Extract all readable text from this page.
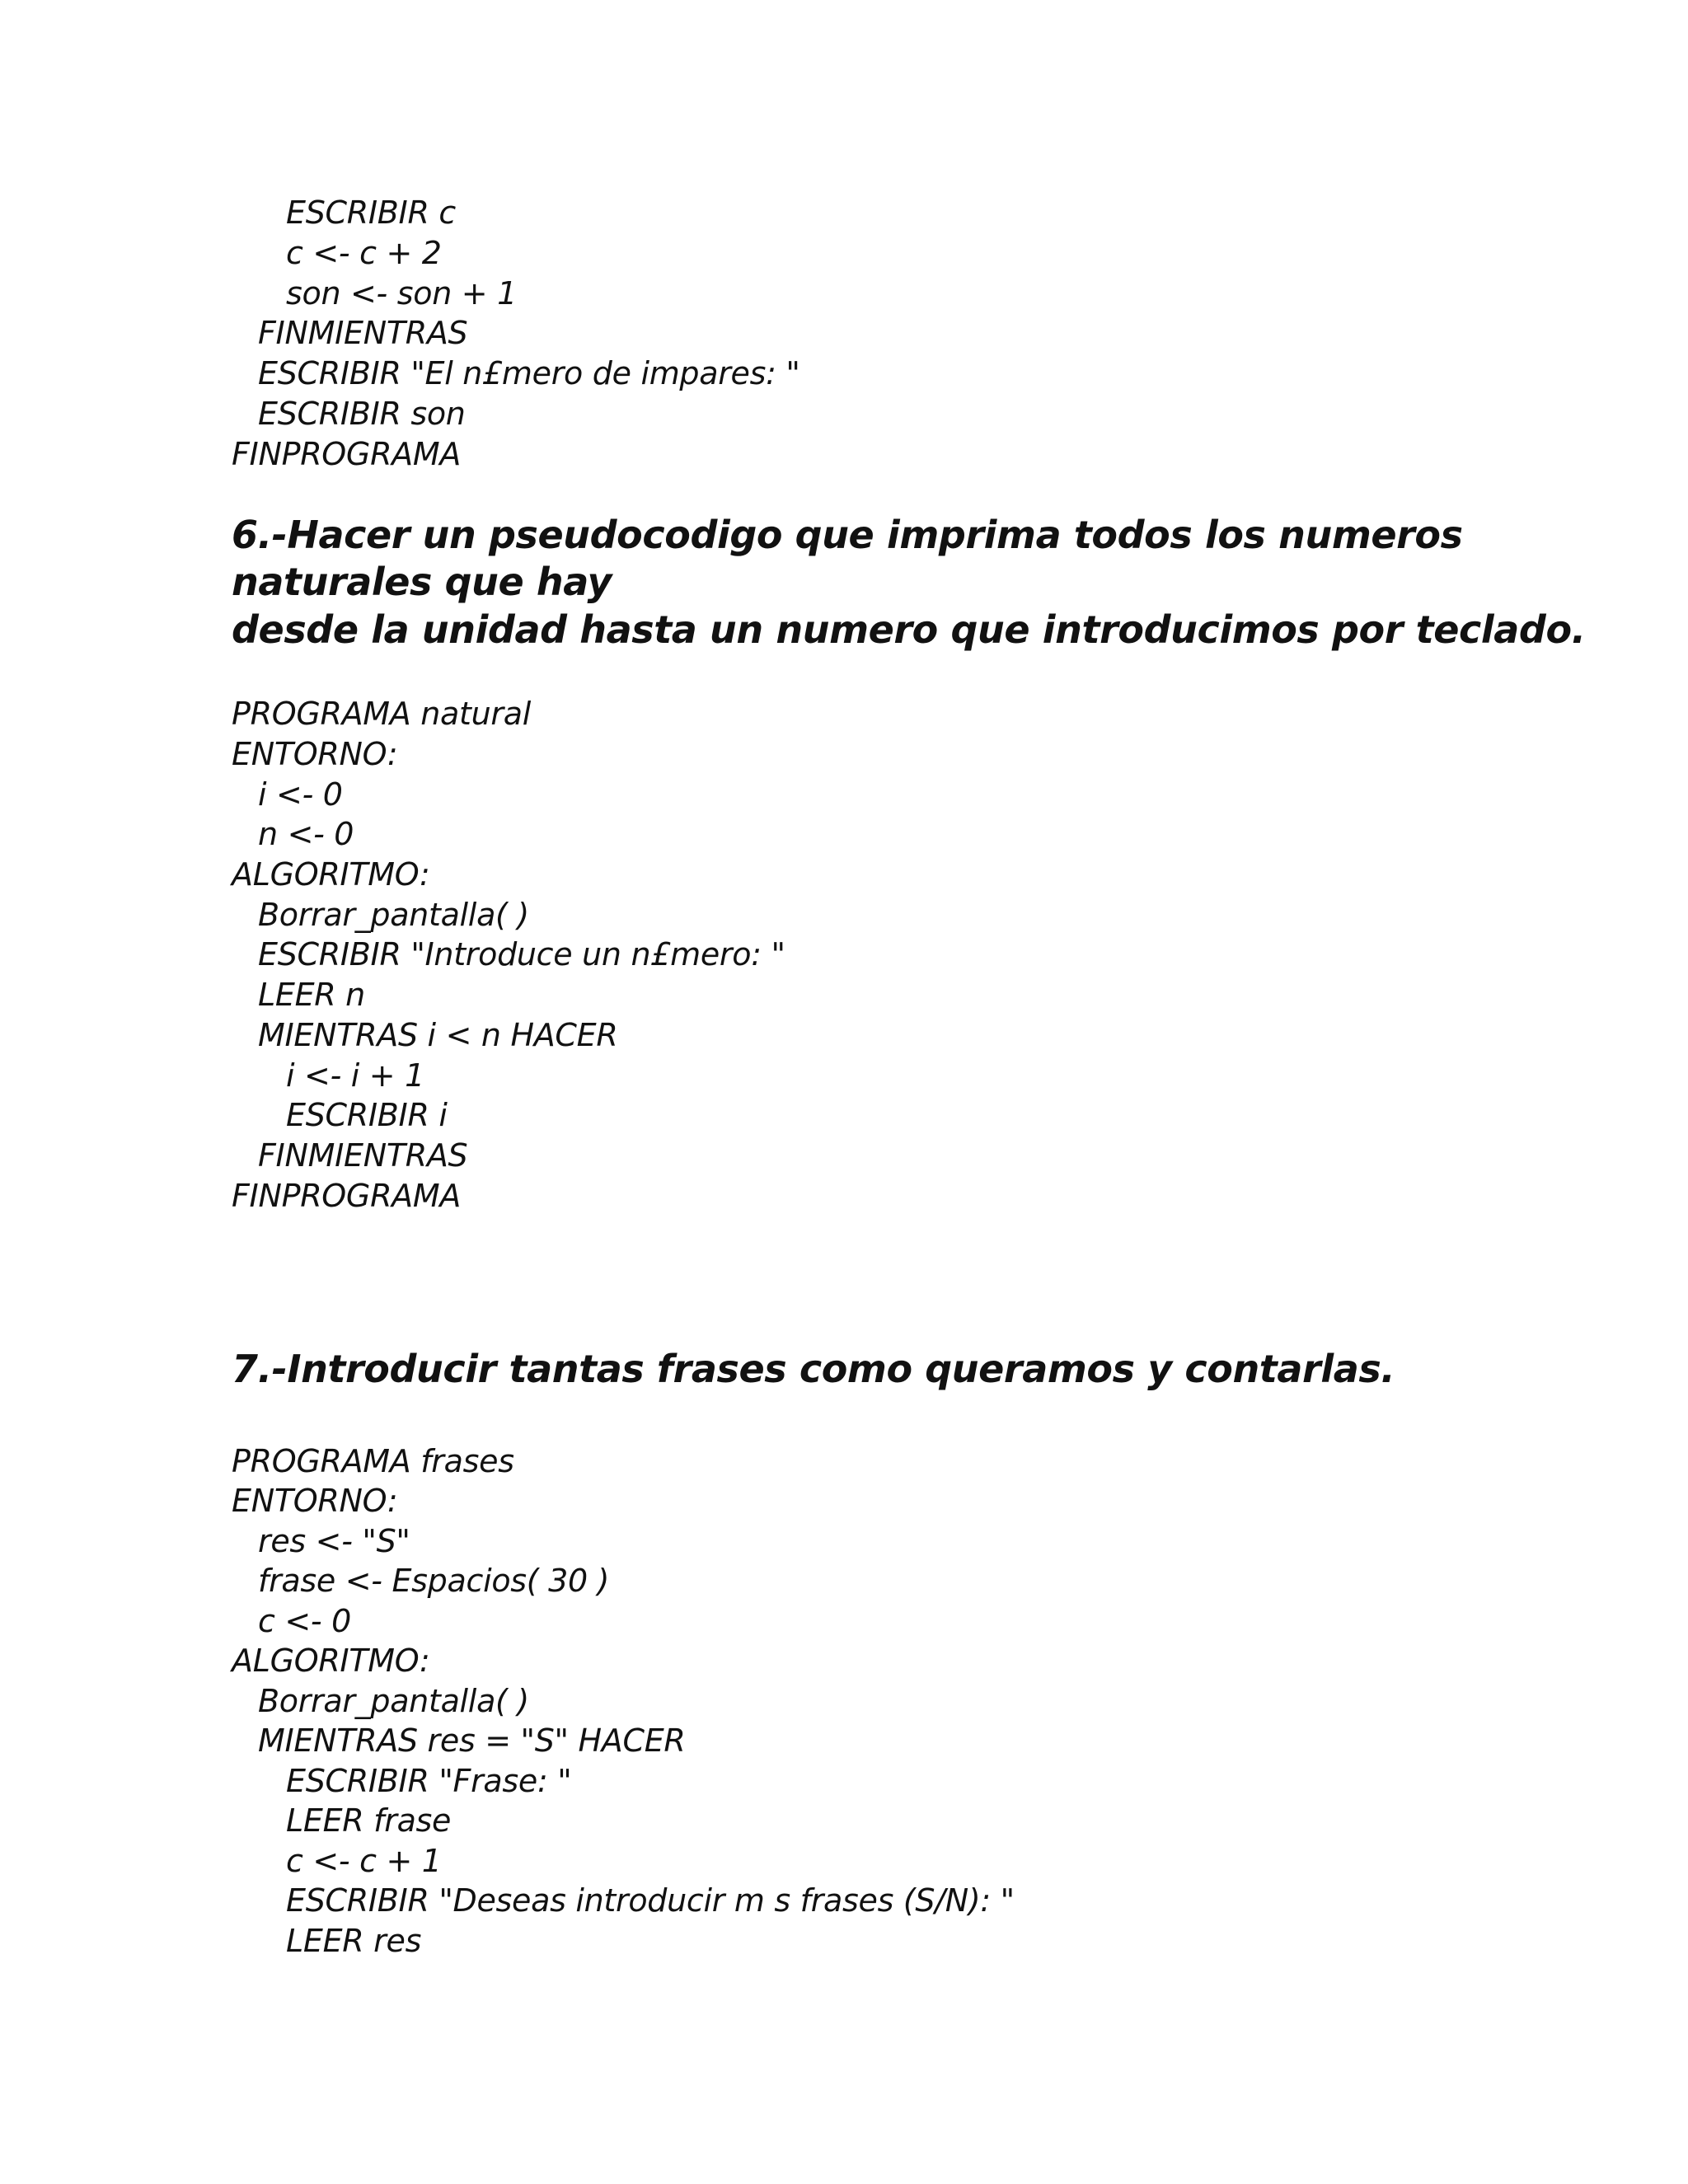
ESCRIBIR c
c <- c + 2
son <- son + 1
FINMIENTRAS
ESCRIBIR "El n£mero de impares: "
ESCRIBIR son
FINPROGRAMA
6.-Hacer un pseudocodigo que imprima todos los numeros
naturales que hay
desde la unidad hasta un numero que introducimos por teclado.
PROGRAMA natural
ENTORNO:
i <- 0
n <- 0
ALGORITMO:
Borrar_pantalla( )
ESCRIBIR "Introduce un n£mero: "
LEER n
MIENTRAS i < n HACER
i <- i + 1
ESCRIBIR i
FINMIENTRAS
FINPROGRAMA
7.-Introducir tantas frases como queramos y contarlas.
PROGRAMA frases
ENTORNO:
res <- "S"
frase <- Espacios( 30 )
c <- 0
ALGORITMO:
Borrar_pantalla( )
MIENTRAS res = "S" HACER
ESCRIBIR "Frase: "
LEER frase
c <- c + 1
ESCRIBIR "Deseas introducir m s frases (S/N): "
LEER res
